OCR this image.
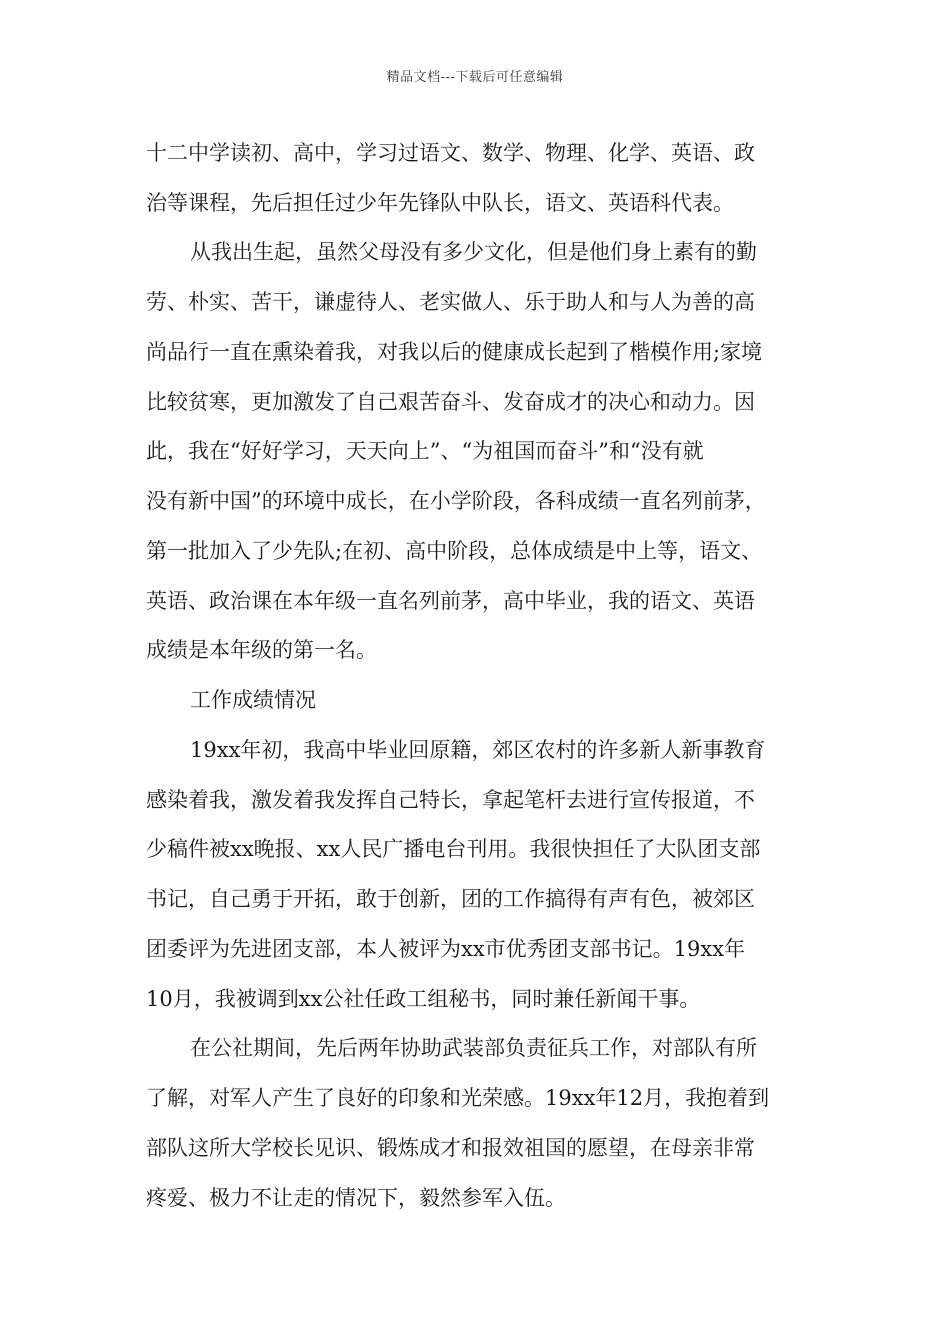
精品文档---下载后可任意编辑
十二中学读初、高中，学习过语文、数学、物理、化学、英语、政
治等课程，先后担任过少年先锋队中队长，语文、英语科代表。
从我出生起，虽然父母没有多少文化，但是他们身上素有的勤
劳、朴实、苦干，谦虚待人、老实做人、乐于助人和与人为善的高
尚品行一直在熏染着我，对我以后的健康成长起到了楷模作用;家境
比较贫寒，更加激发了自己艰苦奋斗、发奋成才的决心和动力。因
此，我在“好好学习，天天向上”、“为祖国而奋斗”和“没有就
没有新中国”的环境中成长，在小学阶段，各科成绩一直名列前茅，
第一批加入了少先队;在初、高中阶段，总体成绩是中上等，语文、
英语、政治课在本年级一直名列前茅，高中毕业，我的语文、英语
成绩是本年级的第一名。
工作成绩情况
19xx年初，我高中毕业回原籍，郊区农村的许多新人新事教育
感染着我，激发着我发挥自己特长，拿起笔杆去进行宣传报道，不
少稿件被xx晚报、xx人民广播电台刊用。我很快担任了大队团支部
书记，自己勇于开拓，敢于创新，团的工作搞得有声有色，被郊区
团委评为先进团支部，本人被评为xx市优秀团支部书记。19xx年
10月，我被调到xx公社任政工组秘书，同时兼任新闻干事。
在公社期间，先后两年协助武装部负责征兵工作，对部队有所
了解，对军人产生了良好的印象和光荣感。19xx年12月，我抱着到
部队这所大学校长见识、锻炼成才和报效祖国的愿望，在母亲非常
疼爱、极力不让走的情况下，毅然参军入伍。
